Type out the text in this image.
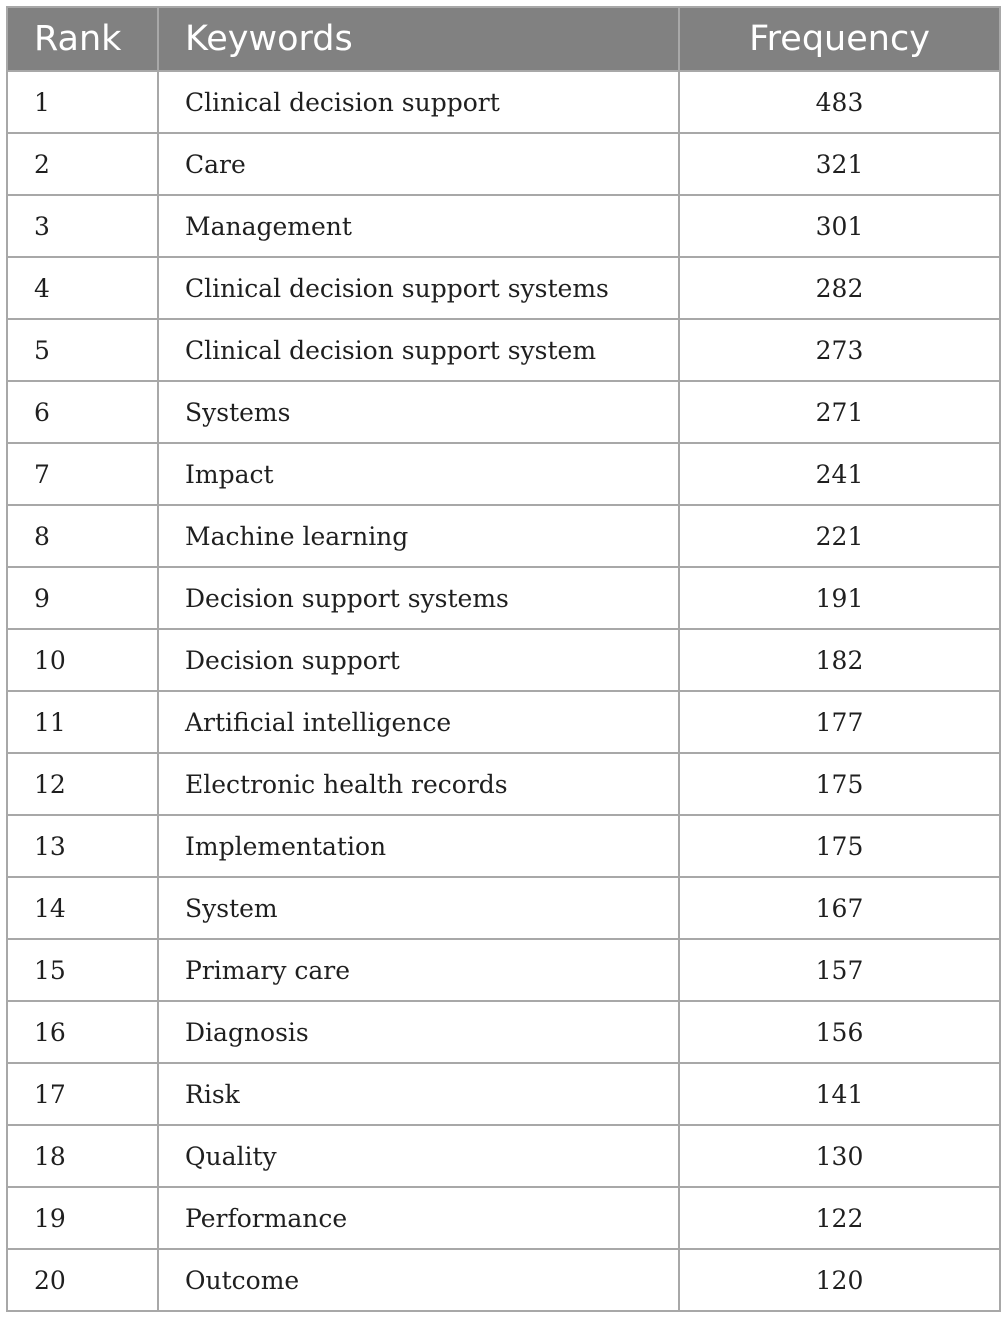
Rank	Keywords	Frequency
1	Clinical decision support	483
2	Care	321
3	Management	301
4	Clinical decision support systems	282
5	Clinical decision support system	273
6	Systems	271
7	Impact	241
8	Machine learning	221
9	Decision support systems	191
10	Decision support	182
11	Artificial intelligence	177
12	Electronic health records	175
13	Implementation	175
14	System	167
15	Primary care	157
16	Diagnosis	156
17	Risk	141
18	Quality	130
19	Performance	122
20	Outcome	120
